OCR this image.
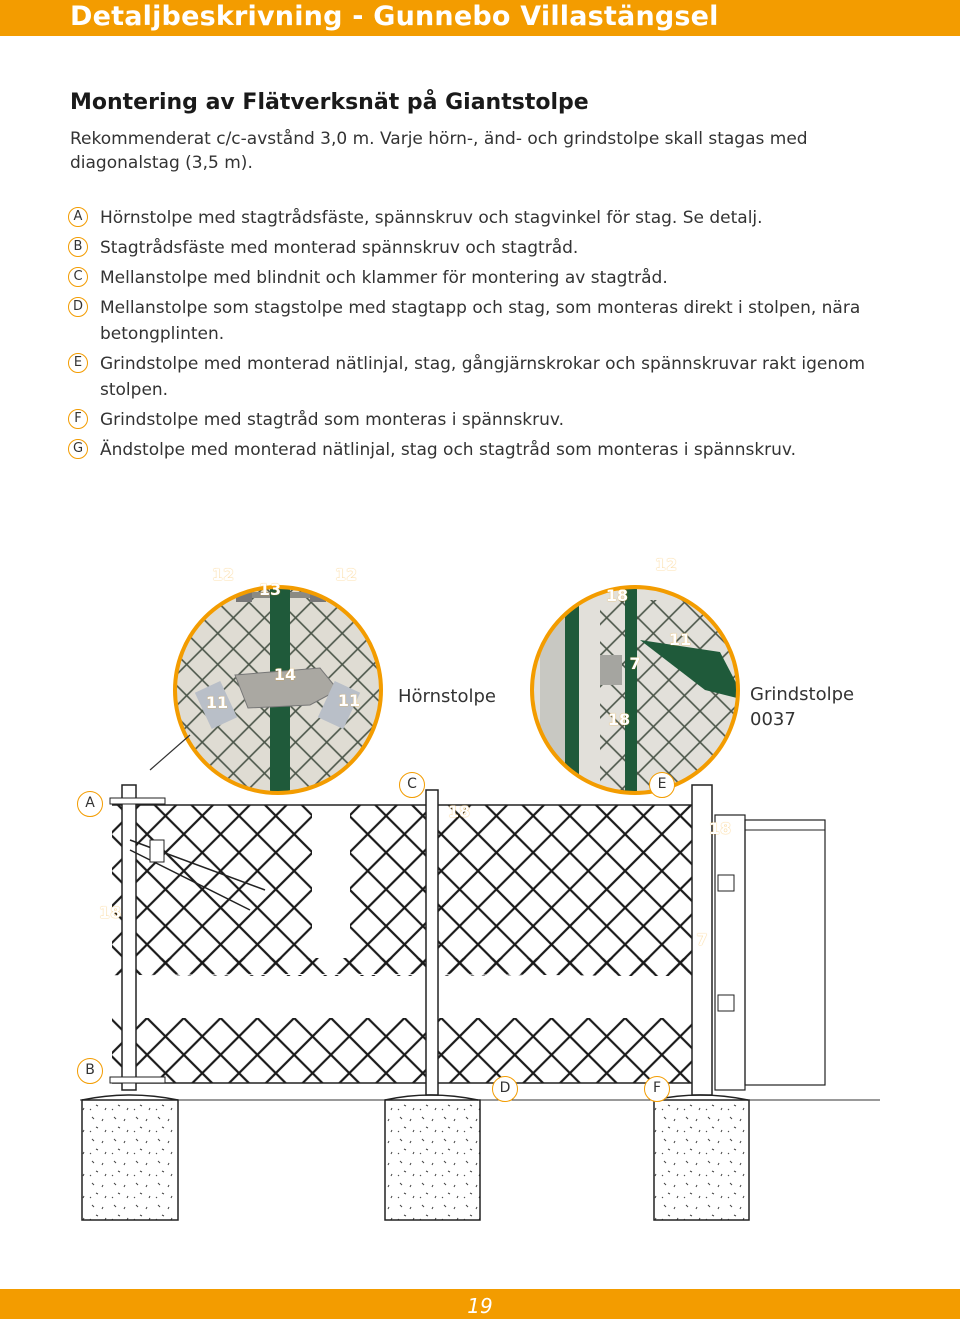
Detaljbeskrivning - Gunnebo Villastängsel
Montering av Flätverksnät på Giantstolpe
Rekommenderat c/c-avstånd 3,0 m. Varje hörn-, änd- och grindstolpe skall stagas med diagonalstag (3,5 m).
A	Hörnstolpe med stagtrådsfäste, spännskruv och stagvinkel för stag. Se detalj.
B	Stagtrådsfäste med monterad spännskruv och stagtråd.
C	Mellanstolpe med blindnit och klammer för montering av stagtråd.
D Mellanstolpe som stagstolpe med stagtapp och stag, som monteras direkt i stolpen, nära betongplinten.
E	Grindstolpe med monterad nätlinjal, stag, gångjärnskrokar och spännskruvar rakt igenom stolpen.
F	Grindstolpe med stagtråd som monteras i spännskruv.
G Ändstolpe med monterad nätlinjal, stag och stagtråd som monteras i spännskruv.
12
13
12
14
11	11	Hörnstolpe
12
18
11
7
18
Grindstolpe
0037
A
B
C
D
E
F
18
18
18
7
19
